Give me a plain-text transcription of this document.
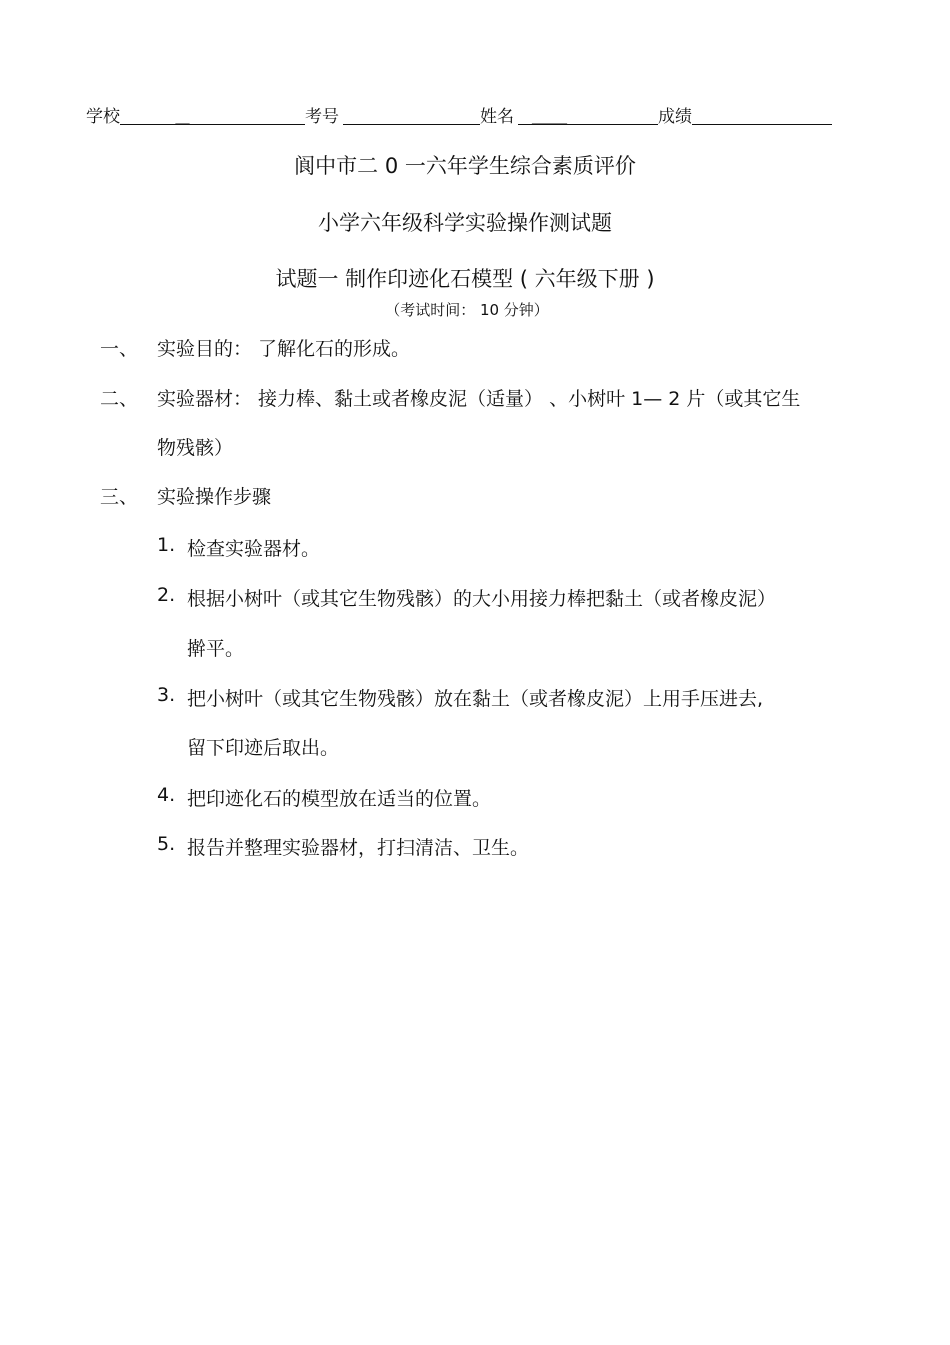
学校	__	考号	姓名 _____	成绩
阆中市二 0 一六年学生综合素质评价
小学六年级科学实验操作测试题
试题一 制作印迹化石模型 ( 六年级下册 )
（考试时间： 10 分钟）
一、 实验目的： 了解化石的形成。
二、 实验器材： 接力棒、黏土或者橡皮泥（适量） 、小树叶 1— 2 片（或其它生
物残骸）
三、 实验操作步骤
1. 检查实验器材。
2. 根据小树叶（或其它生物残骸）的大小用接力棒把黏土（或者橡皮泥）
擀平。
3. 把小树叶（或其它生物残骸）放在黏土（或者橡皮泥）上用手压进去,
留下印迹后取出。
4. 把印迹化石的模型放在适当的位置。
5. 报告并整理实验器材，打扫清洁、卫生。
